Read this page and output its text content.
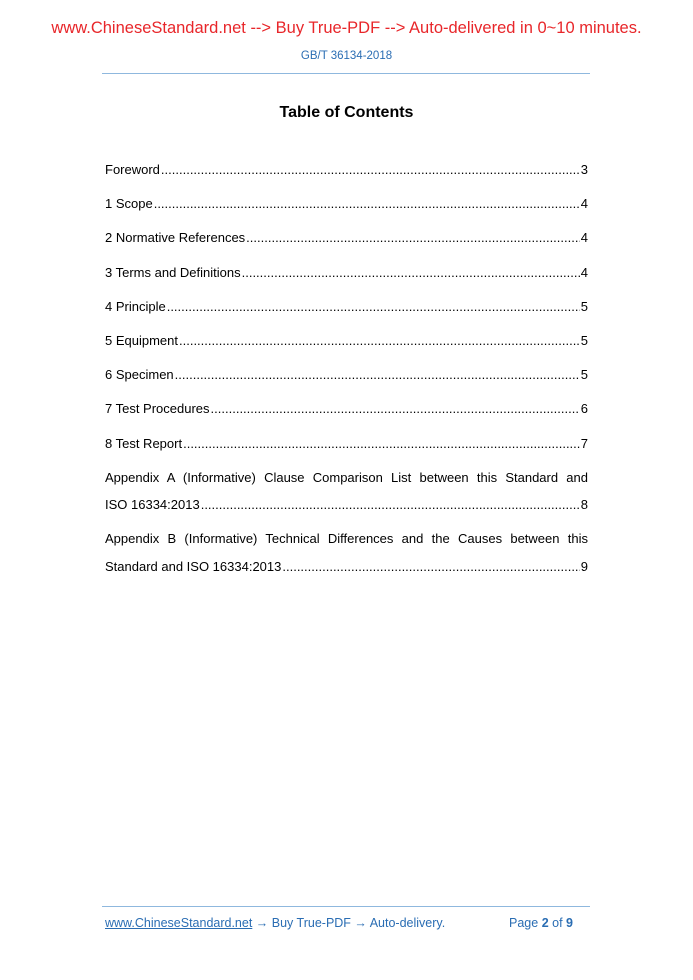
www.ChineseStandard.net --> Buy True-PDF --> Auto-delivered in 0~10 minutes.
GB/T 36134-2018
Table of Contents
Foreword .....	3
1 Scope .....	4
2 Normative References .....	4
3 Terms and Definitions .....	4
4 Principle .....	5
5 Equipment .....	5
6 Specimen .....	5
7 Test Procedures .....	6
8 Test Report .....	7
Appendix A (Informative) Clause Comparison List between this Standard and
ISO 16334:2013 .....	8
Appendix B (Informative) Technical Differences and the Causes between this
Standard and ISO 16334:2013 .....	9
www.ChineseStandard.net → Buy True-PDF → Auto-delivery.	Page 2 of 9
